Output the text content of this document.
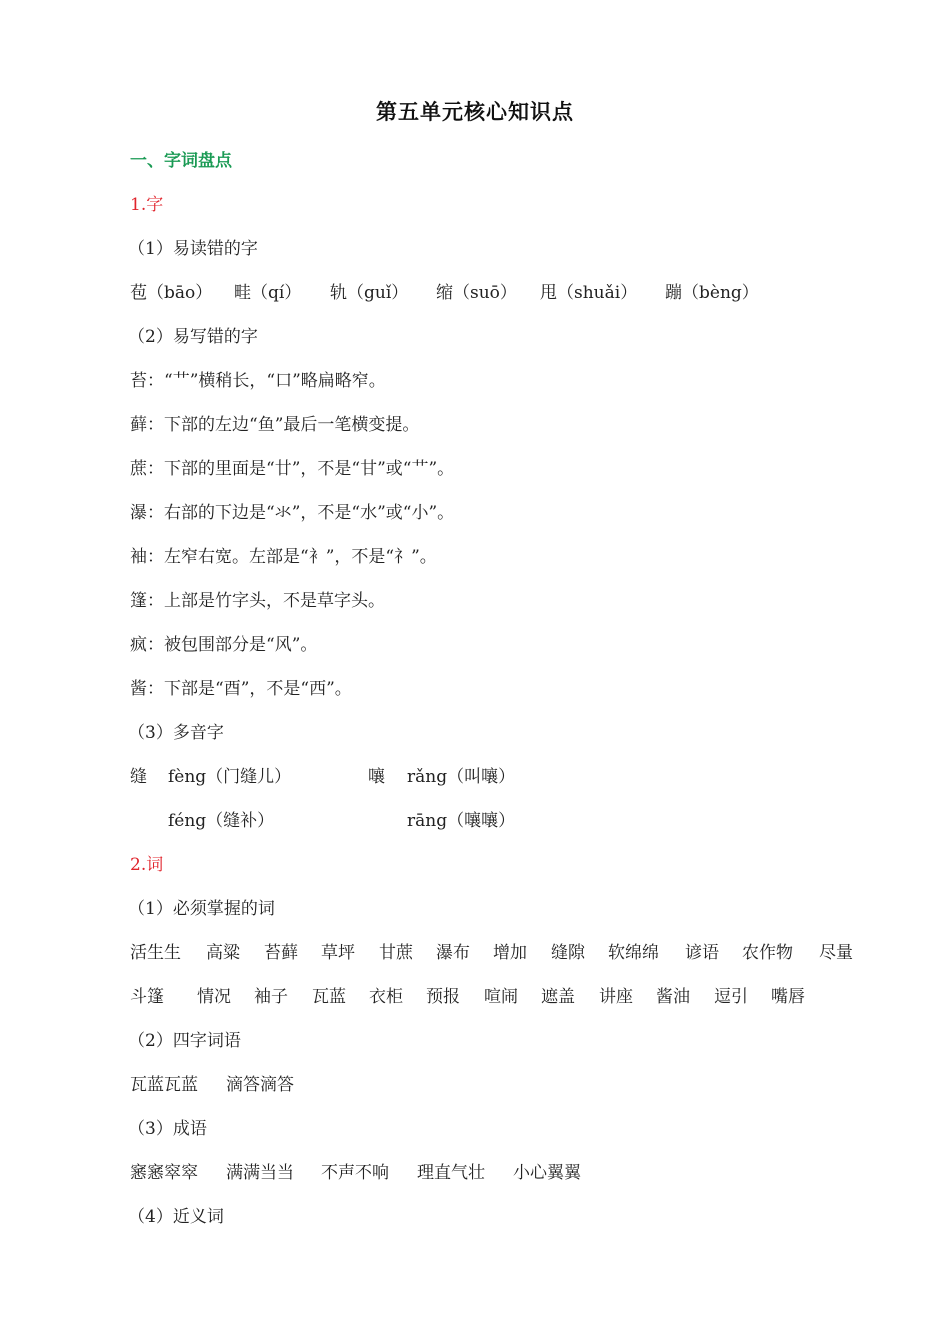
第五单元核心知识点
一、字词盘点
1.字
（1）易读错的字
苞（bāo） 畦（qí） 轨（guǐ） 缩（suō） 甩（shuǎi） 蹦（bèng）
（2）易写错的字
苔：“艹”横稍长，“口”略扁略窄。
藓：下部的左边“鱼”最后一笔横变提。
蔗：下部的里面是“廿”，不是“甘”或“艹”。
瀑：右部的下边是“氺”，不是“水”或“小”。
袖：左窄右宽。左部是“衤”，不是“礻”。
篷：上部是竹字头，不是草字头。
疯：被包围部分是“风”。
酱：下部是“酉”，不是“西”。
（3）多音字
缝 fèng（门缝儿）	嚷 rǎng（叫嚷）
féng（缝补）	rāng（嚷嚷）
2.词
（1）必须掌握的词
活生生 高粱 苔藓 草坪 甘蔗 瀑布 增加 缝隙 软绵绵 谚语 农作物 尽量
斗篷 情况 袖子 瓦蓝 衣柜 预报 喧闹 遮盖 讲座 酱油 逗引 嘴唇
（2）四字词语
瓦蓝瓦蓝 滴答滴答
（3）成语
窸窸窣窣 满满当当 不声不响 理直气壮 小心翼翼
（4）近义词
